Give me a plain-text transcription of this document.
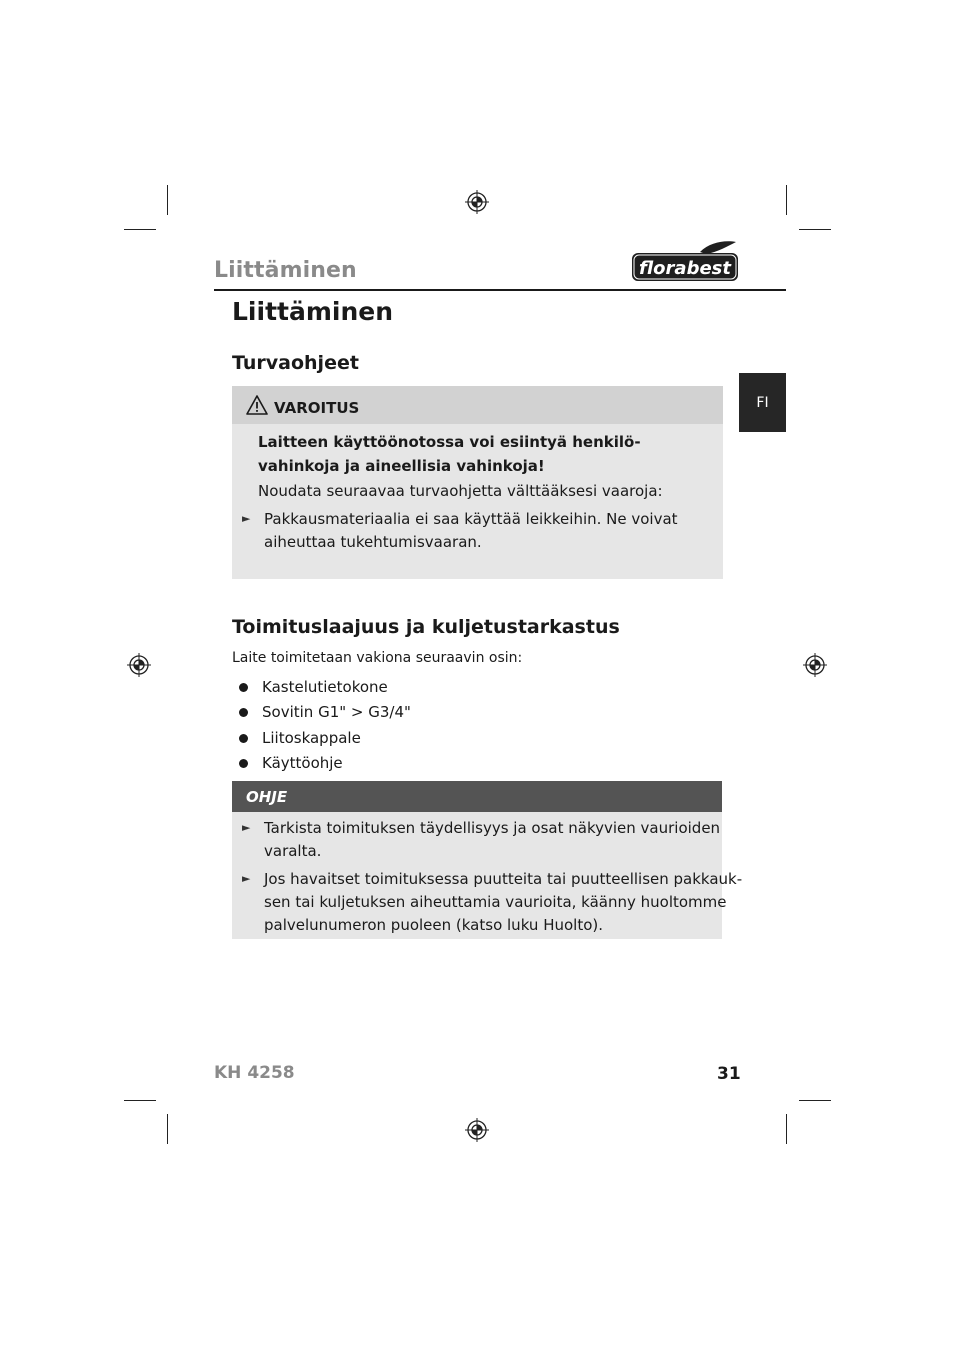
Liittäminen	florabest
Liittäminen
FI
Turvaohjeet
VAROITUS
Laitteen käyttöönotossa voi esiintyä henkilö-
vahinkoja ja aineellisia vahinkoja!
Noudata seuraavaa turvaohjetta välttääksesi vaaroja:
► Pakkausmateriaalia ei saa käyttää leikkeihin. Ne voivat
aiheuttaa tukehtumisvaaran.
Toimituslaajuus ja kuljetustarkastus
Laite toimitetaan vakiona seuraavin osin:
Kastelutietokone
Sovitin G1" > G3/4"
Liitoskappale
Käyttöohje
OHJE
► Tarkista toimituksen täydellisyys ja osat näkyvien vaurioiden
varalta.
► Jos havaitset toimituksessa puutteita tai puutteellisen pakkauk-
sen tai kuljetuksen aiheuttamia vaurioita, käänny huoltomme
palvelunumeron puoleen (katso luku Huolto).
KH 4258	31
